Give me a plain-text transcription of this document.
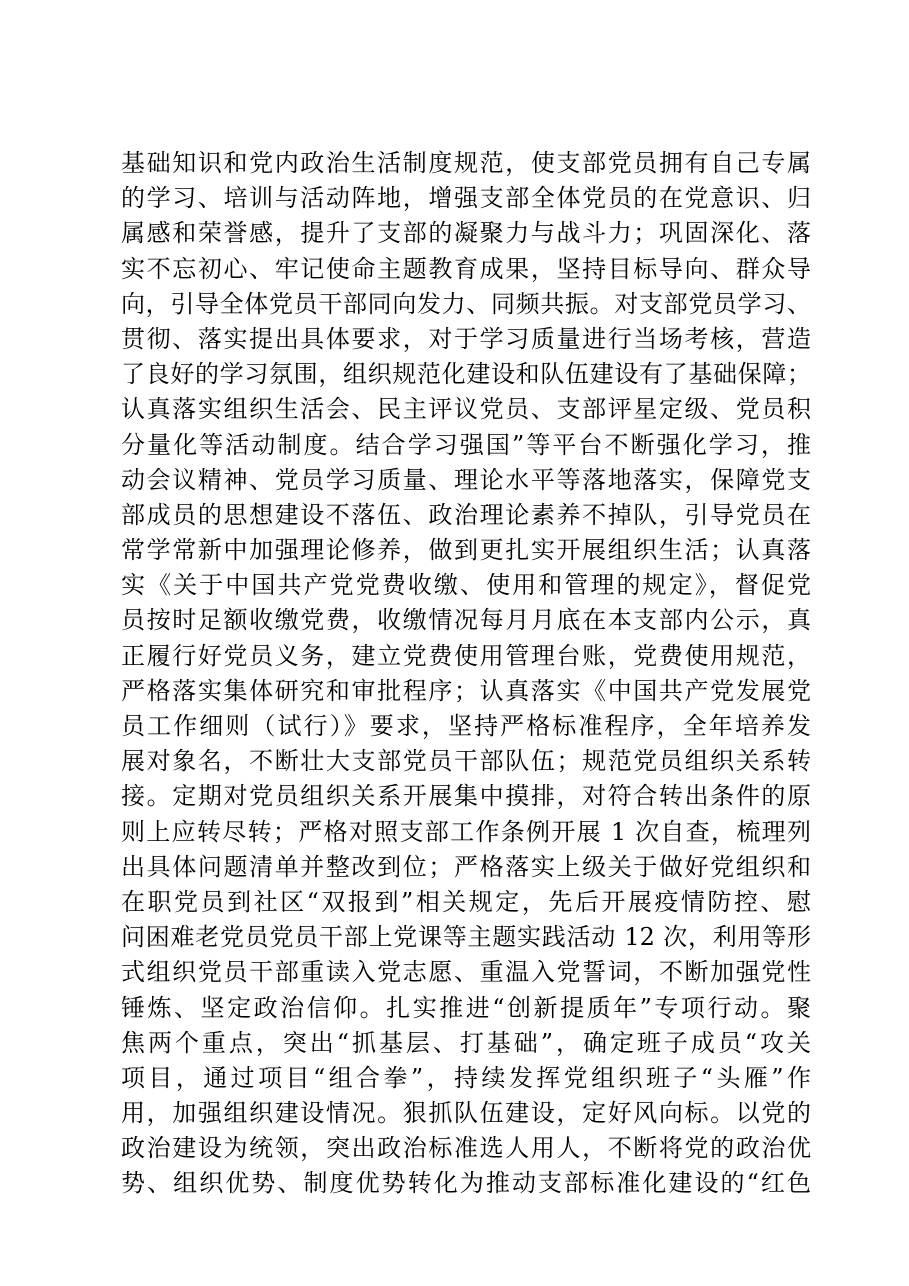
基础知识和党内政治生活制度规范，使支部党员拥有自己专属
的学习、培训与活动阵地，增强支部全体党员的在党意识、归
属感和荣誉感，提升了支部的凝聚力与战斗力；巩固深化、落
实不忘初心、牢记使命主题教育成果，坚持目标导向、群众导
向，引导全体党员干部同向发力、同频共振。对支部党员学习、
贯彻、落实提出具体要求，对于学习质量进行当场考核，营造
了良好的学习氛围，组织规范化建设和队伍建设有了基础保障；
认真落实组织生活会、民主评议党员、支部评星定级、党员积
分量化等活动制度。结合学习强国”等平台不断强化学习，推
动会议精神、党员学习质量、理论水平等落地落实，保障党支
部成员的思想建设不落伍、政治理论素养不掉队，引导党员在
常学常新中加强理论修养，做到更扎实开展组织生活；认真落
实《关于中国共产党党费收缴、使用和管理的规定》，督促党
员按时足额收缴党费，收缴情况每月月底在本支部内公示，真
正履行好党员义务，建立党费使用管理台账，党费使用规范，
严格落实集体研究和审批程序；认真落实《中国共产党发展党
员工作细则（试行）》要求，坚持严格标准程序，全年培养发
展对象名，不断壮大支部党员干部队伍；规范党员组织关系转
接。定期对党员组织关系开展集中摸排，对符合转出条件的原
则上应转尽转；严格对照支部工作条例开展 1 次自查，梳理列
出具体问题清单并整改到位；严格落实上级关于做好党组织和
在职党员到社区“双报到”相关规定，先后开展疫情防控、慰
问困难老党员党员干部上党课等主题实践活动 12 次，利用等形
式组织党员干部重读入党志愿、重温入党誓词，不断加强党性
锤炼、坚定政治信仰。扎实推进“创新提质年”专项行动。聚
焦两个重点，突出“抓基层、打基础”，确定班子成员“攻关
项目，通过项目“组合拳”，持续发挥党组织班子“头雁”作
用，加强组织建设情况。狠抓队伍建设，定好风向标。以党的
政治建设为统领，突出政治标准选人用人，不断将党的政治优
势、组织优势、制度优势转化为推动支部标准化建设的“红色
